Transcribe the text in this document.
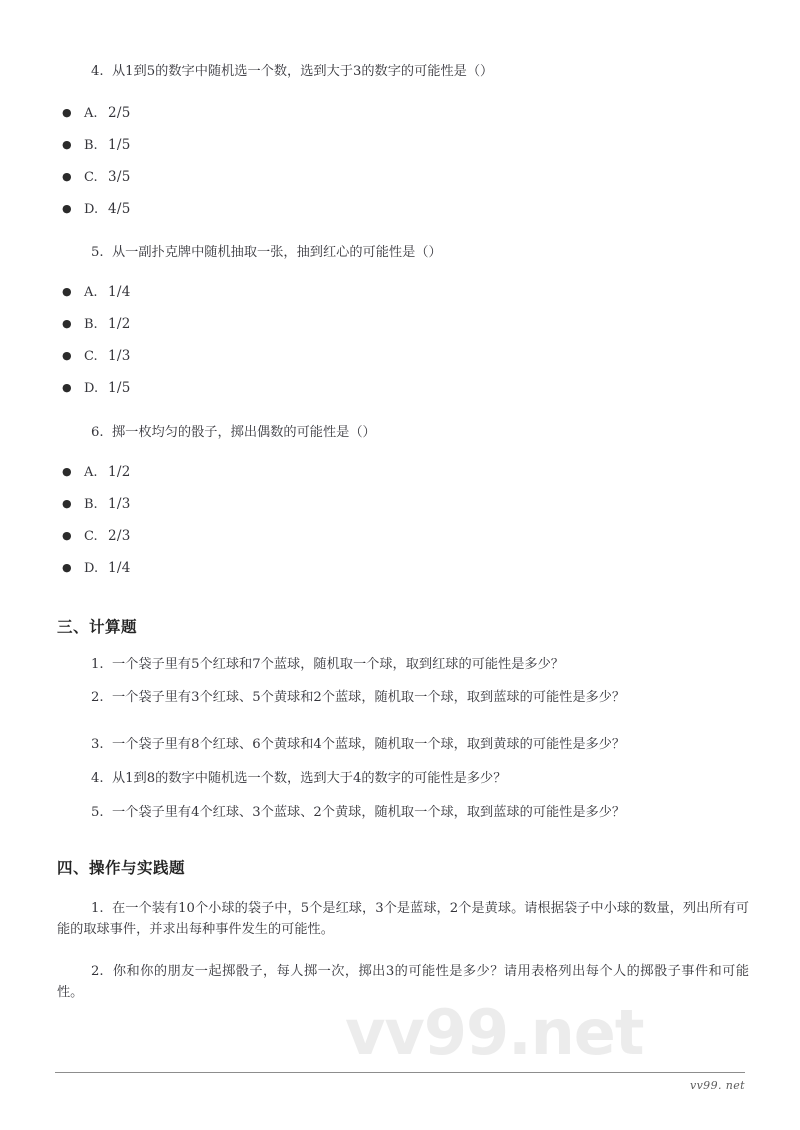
vv99.net
4. 从1到5的数字中随机选一个数，选到大于3的数字的可能性是（）
● A. 2/5
● B. 1/5
● C. 3/5
● D. 4/5
5. 从一副扑克牌中随机抽取一张，抽到红心的可能性是（）
● A. 1/4
● B. 1/2
● C. 1/3
● D. 1/5
6. 掷一枚均匀的骰子，掷出偶数的可能性是（）
● A. 1/2
● B. 1/3
● C. 2/3
● D. 1/4
三、计算题
1. 一个袋子里有5个红球和7个蓝球，随机取一个球，取到红球的可能性是多少？
2. 一个袋子里有3个红球、5个黄球和2个蓝球，随机取一个球，取到蓝球的可能性是多少？
3. 一个袋子里有8个红球、6个黄球和4个蓝球，随机取一个球，取到黄球的可能性是多少？
4. 从1到8的数字中随机选一个数，选到大于4的数字的可能性是多少？
5. 一个袋子里有4个红球、3个蓝球、2个黄球，随机取一个球，取到蓝球的可能性是多少？
四、操作与实践题
1. 在一个装有10个小球的袋子中，5个是红球，3个是蓝球，2个是黄球。请根据袋子中小球的数量，列出所有可能的取球事件，并求出每种事件发生的可能性。
2. 你和你的朋友一起掷骰子，每人掷一次，掷出3的可能性是多少？请用表格列出每个人的掷骰子事件和可能性。
vv99. net
